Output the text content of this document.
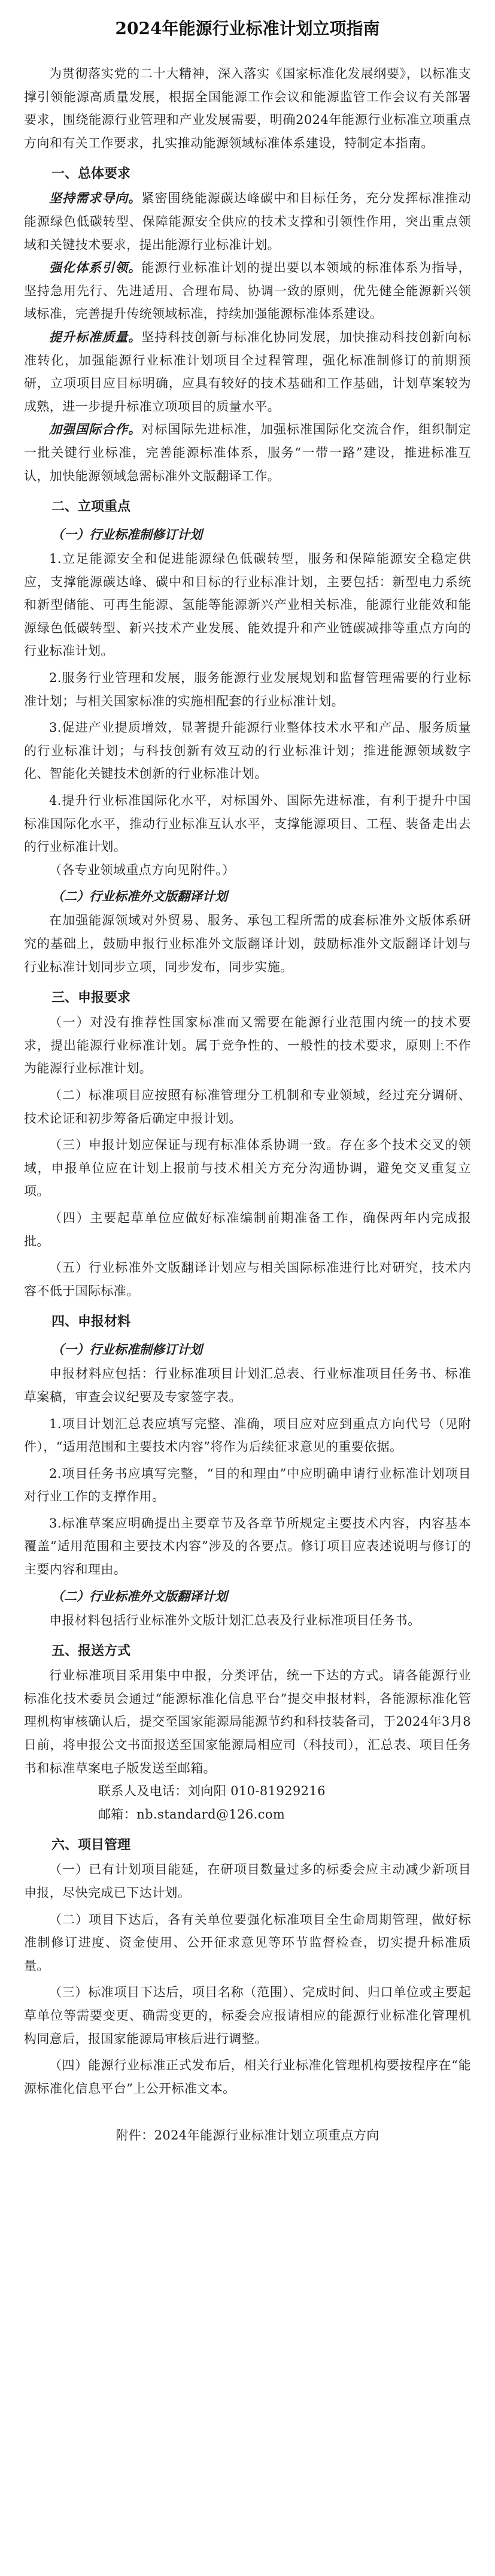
2024年能源行业标准计划立项指南

为贯彻落实党的二十大精神，深入落实《国家标准化发展纲要》，以标准支撑引领能源高质量发展，根据全国能源工作会议和能源监管工作会议有关部署要求，围绕能源行业管理和产业发展需要，明确2024年能源行业标准立项重点方向和有关工作要求，扎实推动能源领域标准体系建设，特制定本指南。

一、总体要求

坚持需求导向。紧密围绕能源碳达峰碳中和目标任务，充分发挥标准推动能源绿色低碳转型、保障能源安全供应的技术支撑和引领性作用，突出重点领域和关键技术要求，提出能源行业标准计划。

强化体系引领。能源行业标准计划的提出要以本领域的标准体系为指导，坚持急用先行、先进适用、合理布局、协调一致的原则，优先健全能源新兴领域标准，完善提升传统领域标准，持续加强能源标准体系建设。

提升标准质量。坚持科技创新与标准化协同发展，加快推动科技创新向标准转化，加强能源行业标准计划项目全过程管理，强化标准制修订的前期预研，立项项目应目标明确，应具有较好的技术基础和工作基础，计划草案较为成熟，进一步提升标准立项项目的质量水平。

加强国际合作。对标国际先进标准，加强标准国际化交流合作，组织制定一批关键行业标准，完善能源标准体系，服务“一带一路”建设，推进标准互认，加快能源领域急需标准外文版翻译工作。

二、立项重点
（一）行业标准制修订计划

1.立足能源安全和促进能源绿色低碳转型，服务和保障能源安全稳定供应，支撑能源碳达峰、碳中和目标的行业标准计划，主要包括：新型电力系统和新型储能、可再生能源、氢能等能源新兴产业相关标准，能源行业能效和能源绿色低碳转型、新兴技术产业发展、能效提升和产业链碳减排等重点方向的行业标准计划。

2.服务行业管理和发展，服务能源行业发展规划和监督管理需要的行业标准计划；与相关国家标准的实施相配套的行业标准计划。

3.促进产业提质增效，显著提升能源行业整体技术水平和产品、服务质量的行业标准计划；与科技创新有效互动的行业标准计划；推进能源领域数字化、智能化关键技术创新的行业标准计划。

4.提升行业标准国际化水平，对标国外、国际先进标准，有利于提升中国标准国际化水平，推动行业标准互认水平，支撑能源项目、工程、装备走出去的行业标准计划。

（各专业领域重点方向见附件。）

（二）行业标准外文版翻译计划

在加强能源领域对外贸易、服务、承包工程所需的成套标准外文版体系研究的基础上，鼓励申报行业标准外文版翻译计划，鼓励标准外文版翻译计划与行业标准计划同步立项，同步发布，同步实施。

三、申报要求

（一）对没有推荐性国家标准而又需要在能源行业范围内统一的技术要求，提出能源行业标准计划。属于竞争性的、一般性的技术要求，原则上不作为能源行业标准计划。

（二）标准项目应按照有标准管理分工机制和专业领域，经过充分调研、技术论证和初步筹备后确定申报计划。

（三）申报计划应保证与现有标准体系协调一致。存在多个技术交叉的领域，申报单位应在计划上报前与技术相关方充分沟通协调，避免交叉重复立项。

（四）主要起草单位应做好标准编制前期准备工作，确保两年内完成报批。

（五）行业标准外文版翻译计划应与相关国际标准进行比对研究，技术内容不低于国际标准。

四、申报材料
（一）行业标准制修订计划

申报材料应包括：行业标准项目计划汇总表、行业标准项目任务书、标准草案稿，审查会议纪要及专家签字表。

1.项目计划汇总表应填写完整、准确，项目应对应到重点方向代号（见附件），“适用范围和主要技术内容”将作为后续征求意见的重要依据。

2.项目任务书应填写完整，“目的和理由”中应明确申请行业标准计划项目对行业工作的支撑作用。

3.标准草案应明确提出主要章节及各章节所规定主要技术内容，内容基本覆盖“适用范围和主要技术内容”涉及的各要点。修订项目应表述说明与修订的主要内容和理由。

（二）行业标准外文版翻译计划

申报材料包括行业标准外文版计划汇总表及行业标准项目任务书。

五、报送方式

行业标准项目采用集中申报，分类评估，统一下达的方式。请各能源行业标准化技术委员会通过“能源标准化信息平台”提交申报材料，各能源标准化管理机构审核确认后，提交至国家能源局能源节约和科技装备司，于2024年3月8日前，将申报公文书面报送至国家能源局相应司（科技司），汇总表、项目任务书和标准草案电子版发送至邮箱。

联系人及电话：刘向阳 010-81929216

邮箱：nb.standard@126.com

六、项目管理

（一）已有计划项目能延，在研项目数量过多的标委会应主动减少新项目申报，尽快完成已下达计划。

（二）项目下达后，各有关单位要强化标准项目全生命周期管理，做好标准制修订进度、资金使用、公开征求意见等环节监督检查，切实提升标准质量。

（三）标准项目下达后，项目名称（范围）、完成时间、归口单位或主要起草单位等需要变更、确需变更的，标委会应报请相应的能源行业标准化管理机构同意后，报国家能源局审核后进行调整。

（四）能源行业标准正式发布后，相关行业标准化管理机构要按程序在“能源标准化信息平台”上公开标准文本。

附件：2024年能源行业标准计划立项重点方向
